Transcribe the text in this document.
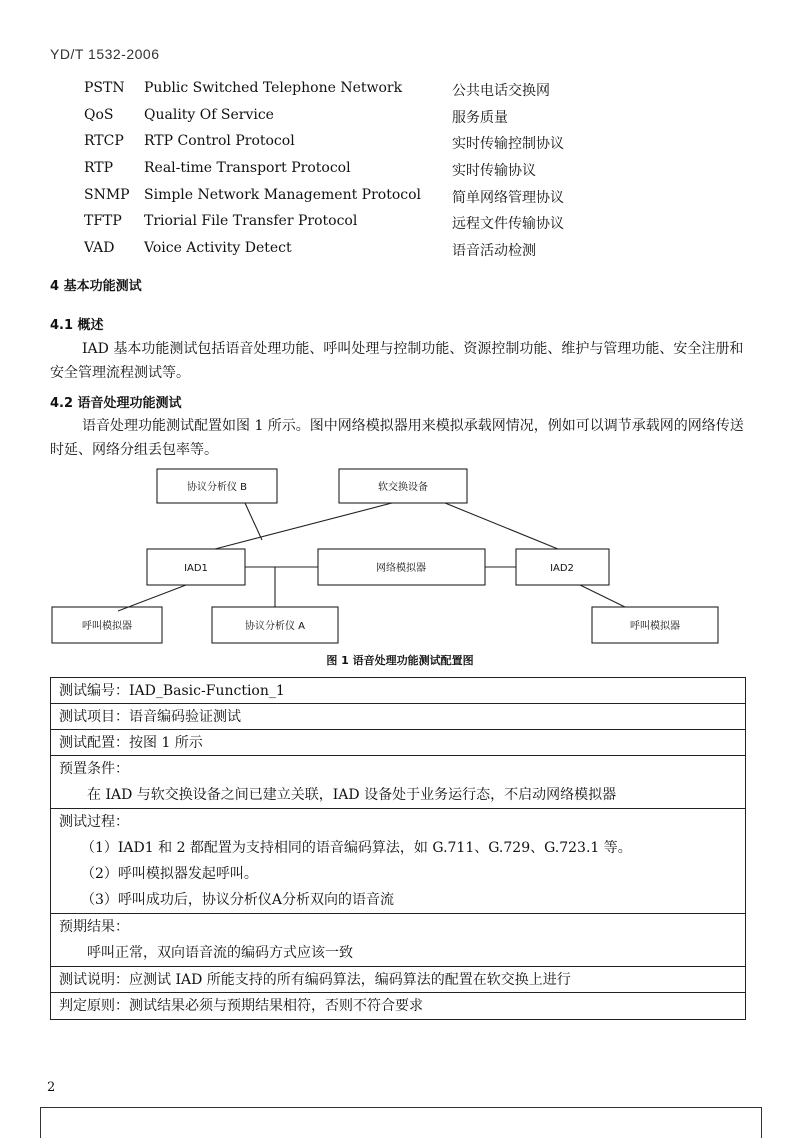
YD/T 1532-2006
PSTN Public Switched Telephone Network	公共电话交换网
QoS Quality Of Service	服务质量
RTCP RTP Control Protocol	实时传输控制协议
RTP Real-time Transport Protocol	实时传输协议
SNMP Simple Network Management Protocol 简单网络管理协议
TFTP Triorial File Transfer Protocol	远程文件传输协议
VAD Voice Activity Detect	语音活动检测
4 基本功能测试
4.1 概述
IAD 基本功能测试包括语音处理功能、呼叫处理与控制功能、资源控制功能、维护与管理功能、安全注册和安全管理流程测试等。
4.2 语音处理功能测试
语音处理功能测试配置如图 1 所示。图中网络模拟器用来模拟承载网情况，例如可以调节承载网的网络传送时延、网络分组丢包率等。
协议分析仪 B	软交换设备
IAD1	网络模拟器	IAD2
呼叫模拟器	协议分析仪 A	呼叫模拟器
图 1 语音处理功能测试配置图
测试编号：IAD_Basic-Function_1
测试项目：语音编码验证测试
测试配置：按图 1 所示
预置条件：
在 IAD 与软交换设备之间已建立关联，IAD 设备处于业务运行态，不启动网络模拟器
测试过程：
（1）IAD1 和 2 都配置为支持相同的语音编码算法，如 G.711、G.729、G.723.1 等。
（2）呼叫模拟器发起呼叫。
（3）呼叫成功后，协议分析仪A分析双向的语音流
预期结果：
呼叫正常，双向语音流的编码方式应该一致
测试说明：应测试 IAD 所能支持的所有编码算法，编码算法的配置在软交换上进行
判定原则：测试结果必须与预期结果相符，否则不符合要求
2
